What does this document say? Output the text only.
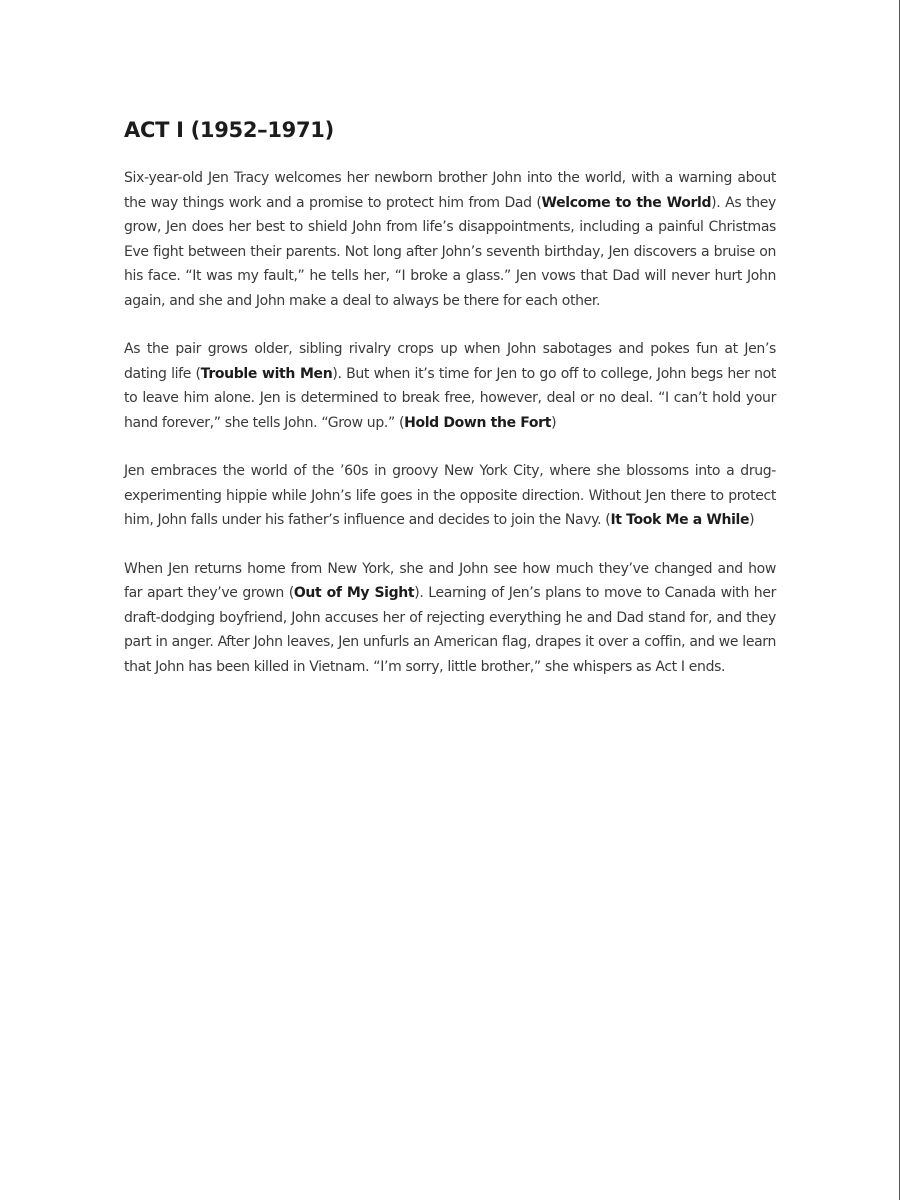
ACT I (1952–1971)

Six-year-old Jen Tracy welcomes her newborn brother John into the world, with a warning about the way things work and a promise to protect him from Dad (Welcome to the World). As they grow, Jen does her best to shield John from life’s disappointments, including a painful Christmas Eve fight between their parents. Not long after John’s seventh birthday, Jen discovers a bruise on his face. “It was my fault,” he tells her, “I broke a glass.” Jen vows that Dad will never hurt John again, and she and John make a deal to always be there for each other.

As the pair grows older, sibling rivalry crops up when John sabotages and pokes fun at Jen’s dating life (Trouble with Men). But when it’s time for Jen to go off to college, John begs her not to leave him alone. Jen is determined to break free, however, deal or no deal. “I can’t hold your hand forever,” she tells John. “Grow up.” (Hold Down the Fort)

Jen embraces the world of the ’60s in groovy New York City, where she blossoms into a drug-experimenting hippie while John’s life goes in the opposite direction. Without Jen there to protect him, John falls under his father’s influence and decides to join the Navy. (It Took Me a While)

When Jen returns home from New York, she and John see how much they’ve changed and how far apart they’ve grown (Out of My Sight). Learning of Jen’s plans to move to Canada with her draft-dodging boyfriend, John accuses her of rejecting everything he and Dad stand for, and they part in anger. After John leaves, Jen unfurls an American flag, drapes it over a coffin, and we learn that John has been killed in Vietnam. “I’m sorry, little brother,” she whispers as Act I ends.
